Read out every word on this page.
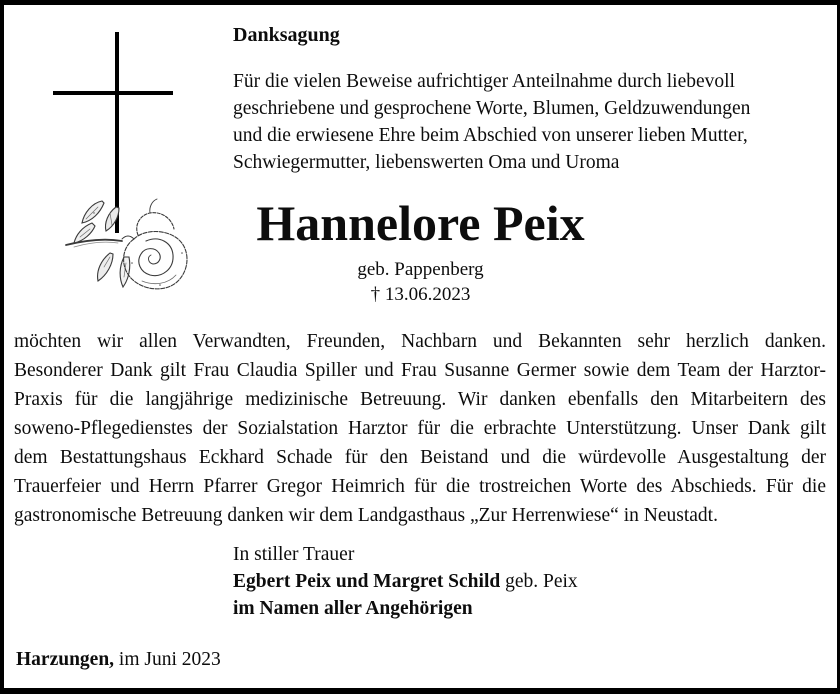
Danksagung
Für die vielen Beweise aufrichtiger Anteilnahme durch liebevoll
geschriebene und gesprochene Worte, Blumen, Geldzuwendungen
und die erwiesene Ehre beim Abschied von unserer lieben Mutter,
Schwiegermutter, liebenswerten Oma und Uroma
Hannelore Peix
geb. Pappenberg
† 13.06.2023
möchten wir allen Verwandten, Freunden, Nachbarn und Bekannten sehr herzlich danken.
Besonderer Dank gilt Frau Claudia Spiller und Frau Susanne Germer sowie dem Team der Harztor-
Praxis für die langjährige medizinische Betreuung. Wir danken ebenfalls den Mitarbeitern des
soweno-Pflegedienstes der Sozialstation Harztor für die erbrachte Unterstützung. Unser Dank gilt
dem Bestattungshaus Eckhard Schade für den Beistand und die würdevolle Ausgestaltung der
Trauerfeier und Herrn Pfarrer Gregor Heimrich für die trostreichen Worte des Abschieds. Für die
gastronomische Betreuung danken wir dem Landgasthaus „Zur Herrenwiese“ in Neustadt.
In stiller Trauer
Egbert Peix und Margret Schild geb. Peix
im Namen aller Angehörigen
Harzungen, im Juni 2023
